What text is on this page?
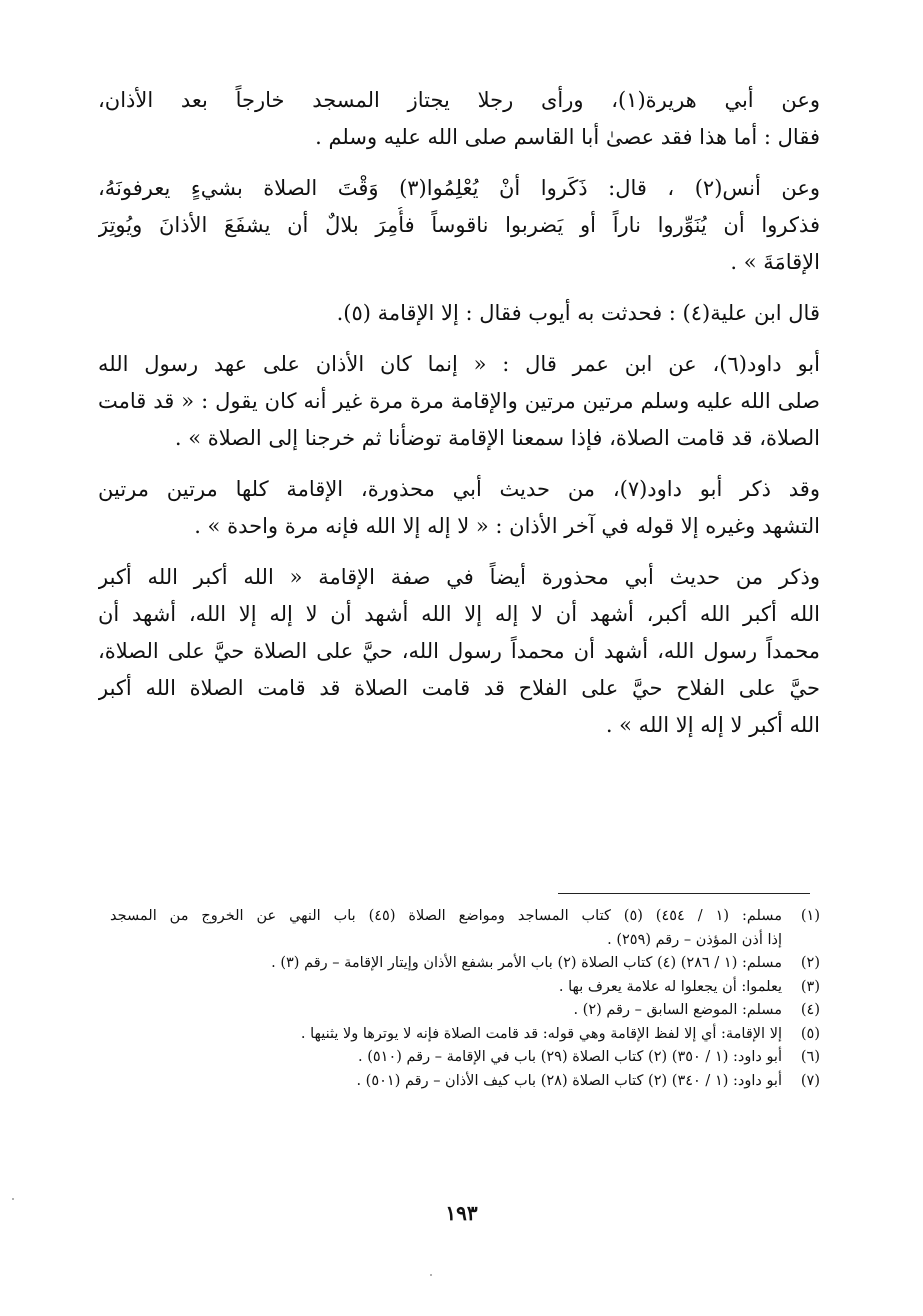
وعن أبي هريرة(١)، ورأى رجلا يجتاز المسجد خارجاً بعد الأذان،
فقال : أما هذا فقد عصىٰ أبا القاسم صلى الله عليه وسلم .
وعن أنس(٢) ، قال: ذَكَروا أنْ يُعْلِمُوا(٣) وَقْتَ الصلاة بشيءٍ يعرفونَهُ،
فذكروا أن يُنَوِّروا ناراً أو يَضربوا ناقوساً فأُمِرَ بلالٌ أن يشفَعَ الأذانَ ويُوتِرَ
الإقامَةَ » .
قال ابن علية(٤) : فحدثت به أيوب فقال : إلا الإقامة (٥).
أبو داود(٦)، عن ابن عمر قال : « إنما كان الأذان على عهد رسول الله
صلى الله عليه وسلم مرتين مرتين والإقامة مرة مرة غير أنه كان يقول : « قد قامت
الصلاة، قد قامت الصلاة، فإذا سمعنا الإقامة توضأنا ثم خرجنا إلى الصلاة » .
وقد ذكر أبو داود(٧)، من حديث أبي محذورة، الإقامة كلها مرتين مرتين
التشهد وغيره إلا قوله في آخر الأذان : « لا إله إلا الله فإنه مرة واحدة » .
وذكر من حديث أبي محذورة أيضاً في صفة الإقامة « الله أكبر الله أكبر
الله أكبر الله أكبر، أشهد أن لا إله إلا الله أشهد أن لا إله إلا الله، أشهد أن
محمداً رسول الله، أشهد أن محمداً رسول الله، حيَّ على الصلاة حيَّ على الصلاة،
حيَّ على الفلاح حيَّ على الفلاح قد قامت الصلاة قد قامت الصلاة الله أكبر
الله أكبر لا إله إلا الله » .
(١)
مسلم: (١ / ٤٥٤) (٥) كتاب المساجد ومواضع الصلاة (٤٥) باب النهي عن الخروج من المسجد
إذا أذن المؤذن – رقم (٢٥٩) .
(٢)
مسلم: (١ / ٢٨٦) (٤) كتاب الصلاة (٢) باب الأمر بشفع الأذان وإيتار الإقامة – رقم (٣) .
(٣)
يعلموا: أن يجعلوا له علامة يعرف بها .
(٤)
مسلم: الموضع السابق – رقم (٢) .
(٥)
إلا الإقامة: أي إلا لفظ الإقامة وهي قوله: قد قامت الصلاة فإنه لا يوترها ولا يثنيها .
(٦)
أبو داود: (١ / ٣٥٠) (٢) كتاب الصلاة (٢٩) باب في الإقامة – رقم (٥١٠) .
(٧)
أبو داود: (١ / ٣٤٠) (٢) كتاب الصلاة (٢٨) باب كيف الأذان – رقم (٥٠١) .
١٩٣
